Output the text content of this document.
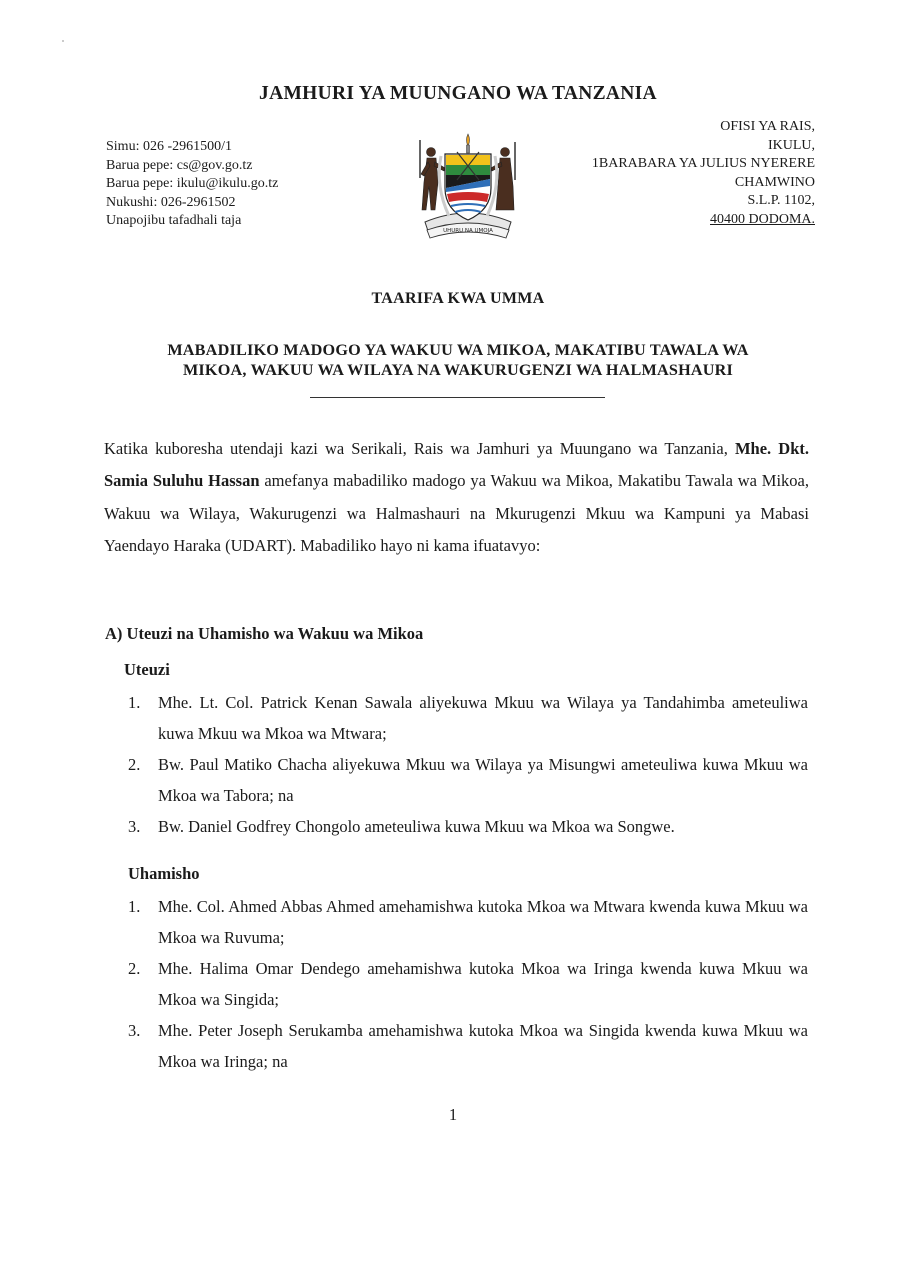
JAMHURI YA MUUNGANO WA TANZANIA
Simu: 026 -2961500/1
Barua pepe: cs@gov.go.tz
Barua pepe: ikulu@ikulu.go.tz
Nukushi: 026-2961502
Unapojibu tafadhali taja
UHURU NA UMOJA
OFISI YA RAIS,
IKULU,
1BARABARA YA JULIUS NYERERE
CHAMWINO
S.L.P. 1102,
40400 DODOMA.
TAARIFA KWA UMMA
MABADILIKO MADOGO YA WAKUU WA MIKOA, MAKATIBU TAWALA WA
MIKOA, WAKUU WA WILAYA NA WAKURUGENZI WA HALMASHAURI
Katika kuboresha utendaji kazi wa Serikali, Rais wa Jamhuri ya Muungano wa Tanzania, Mhe. Dkt. Samia Suluhu Hassan amefanya mabadiliko madogo ya Wakuu wa Mikoa, Makatibu Tawala wa Mikoa, Wakuu wa Wilaya, Wakurugenzi wa Halmashauri na Mkurugenzi Mkuu wa Kampuni ya Mabasi Yaendayo Haraka (UDART). Mabadiliko hayo ni kama ifuatavyo:
A) Uteuzi na Uhamisho wa Wakuu wa Mikoa
Uteuzi
1. Mhe. Lt. Col. Patrick Kenan Sawala aliyekuwa Mkuu wa Wilaya ya Tandahimba ameteuliwa kuwa Mkuu wa Mkoa wa Mtwara;
2. Bw. Paul Matiko Chacha aliyekuwa Mkuu wa Wilaya ya Misungwi ameteuliwa kuwa Mkuu wa Mkoa wa Tabora; na
3. Bw. Daniel Godfrey Chongolo ameteuliwa kuwa Mkuu wa Mkoa wa Songwe.
Uhamisho
1. Mhe. Col. Ahmed Abbas Ahmed amehamishwa kutoka Mkoa wa Mtwara kwenda kuwa Mkuu wa Mkoa wa Ruvuma;
2. Mhe. Halima Omar Dendego amehamishwa kutoka Mkoa wa Iringa kwenda kuwa Mkuu wa Mkoa wa Singida;
3. Mhe. Peter Joseph Serukamba amehamishwa kutoka Mkoa wa Singida kwenda kuwa Mkuu wa Mkoa wa Iringa; na
1
